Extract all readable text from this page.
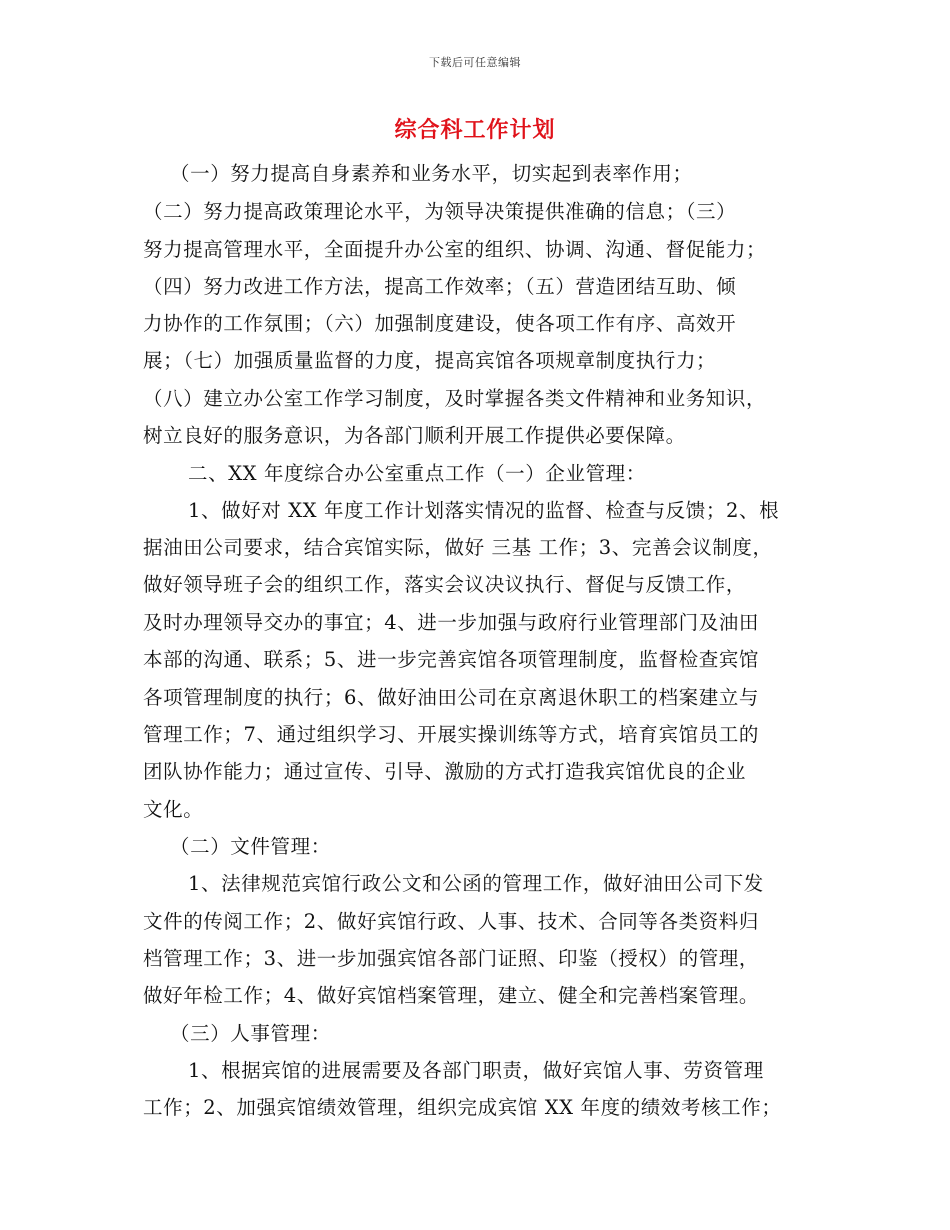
下载后可任意编辑
综合科工作计划
（一）努力提高自身素养和业务水平，切实起到表率作用；
（二）努力提高政策理论水平，为领导决策提供准确的信息；（三）
努力提高管理水平，全面提升办公室的组织、协调、沟通、督促能力；
（四）努力改进工作方法，提高工作效率；（五）营造团结互助、倾
力协作的工作氛围；（六）加强制度建设，使各项工作有序、高效开
展；（七）加强质量监督的力度，提高宾馆各项规章制度执行力；
（八）建立办公室工作学习制度，及时掌握各类文件精神和业务知识，
树立良好的服务意识，为各部门顺利开展工作提供必要保障。
二、XX 年度综合办公室重点工作（一）企业管理：
1、做好对 XX 年度工作计划落实情况的监督、检查与反馈；2、根
据油田公司要求，结合宾馆实际，做好 三基 工作；3、完善会议制度，
做好领导班子会的组织工作，落实会议决议执行、督促与反馈工作，
及时办理领导交办的事宜；4、进一步加强与政府行业管理部门及油田
本部的沟通、联系；5、进一步完善宾馆各项管理制度，监督检查宾馆
各项管理制度的执行；6、做好油田公司在京离退休职工的档案建立与
管理工作；7、通过组织学习、开展实操训练等方式，培育宾馆员工的
团队协作能力；通过宣传、引导、激励的方式打造我宾馆优良的企业
文化。
（二）文件管理：
1、法律规范宾馆行政公文和公函的管理工作，做好油田公司下发
文件的传阅工作；2、做好宾馆行政、人事、技术、合同等各类资料归
档管理工作；3、进一步加强宾馆各部门证照、印鉴（授权）的管理，
做好年检工作；4、做好宾馆档案管理，建立、健全和完善档案管理。
（三）人事管理：
1、根据宾馆的进展需要及各部门职责，做好宾馆人事、劳资管理
工作；2、加强宾馆绩效管理，组织完成宾馆 XX 年度的绩效考核工作；
